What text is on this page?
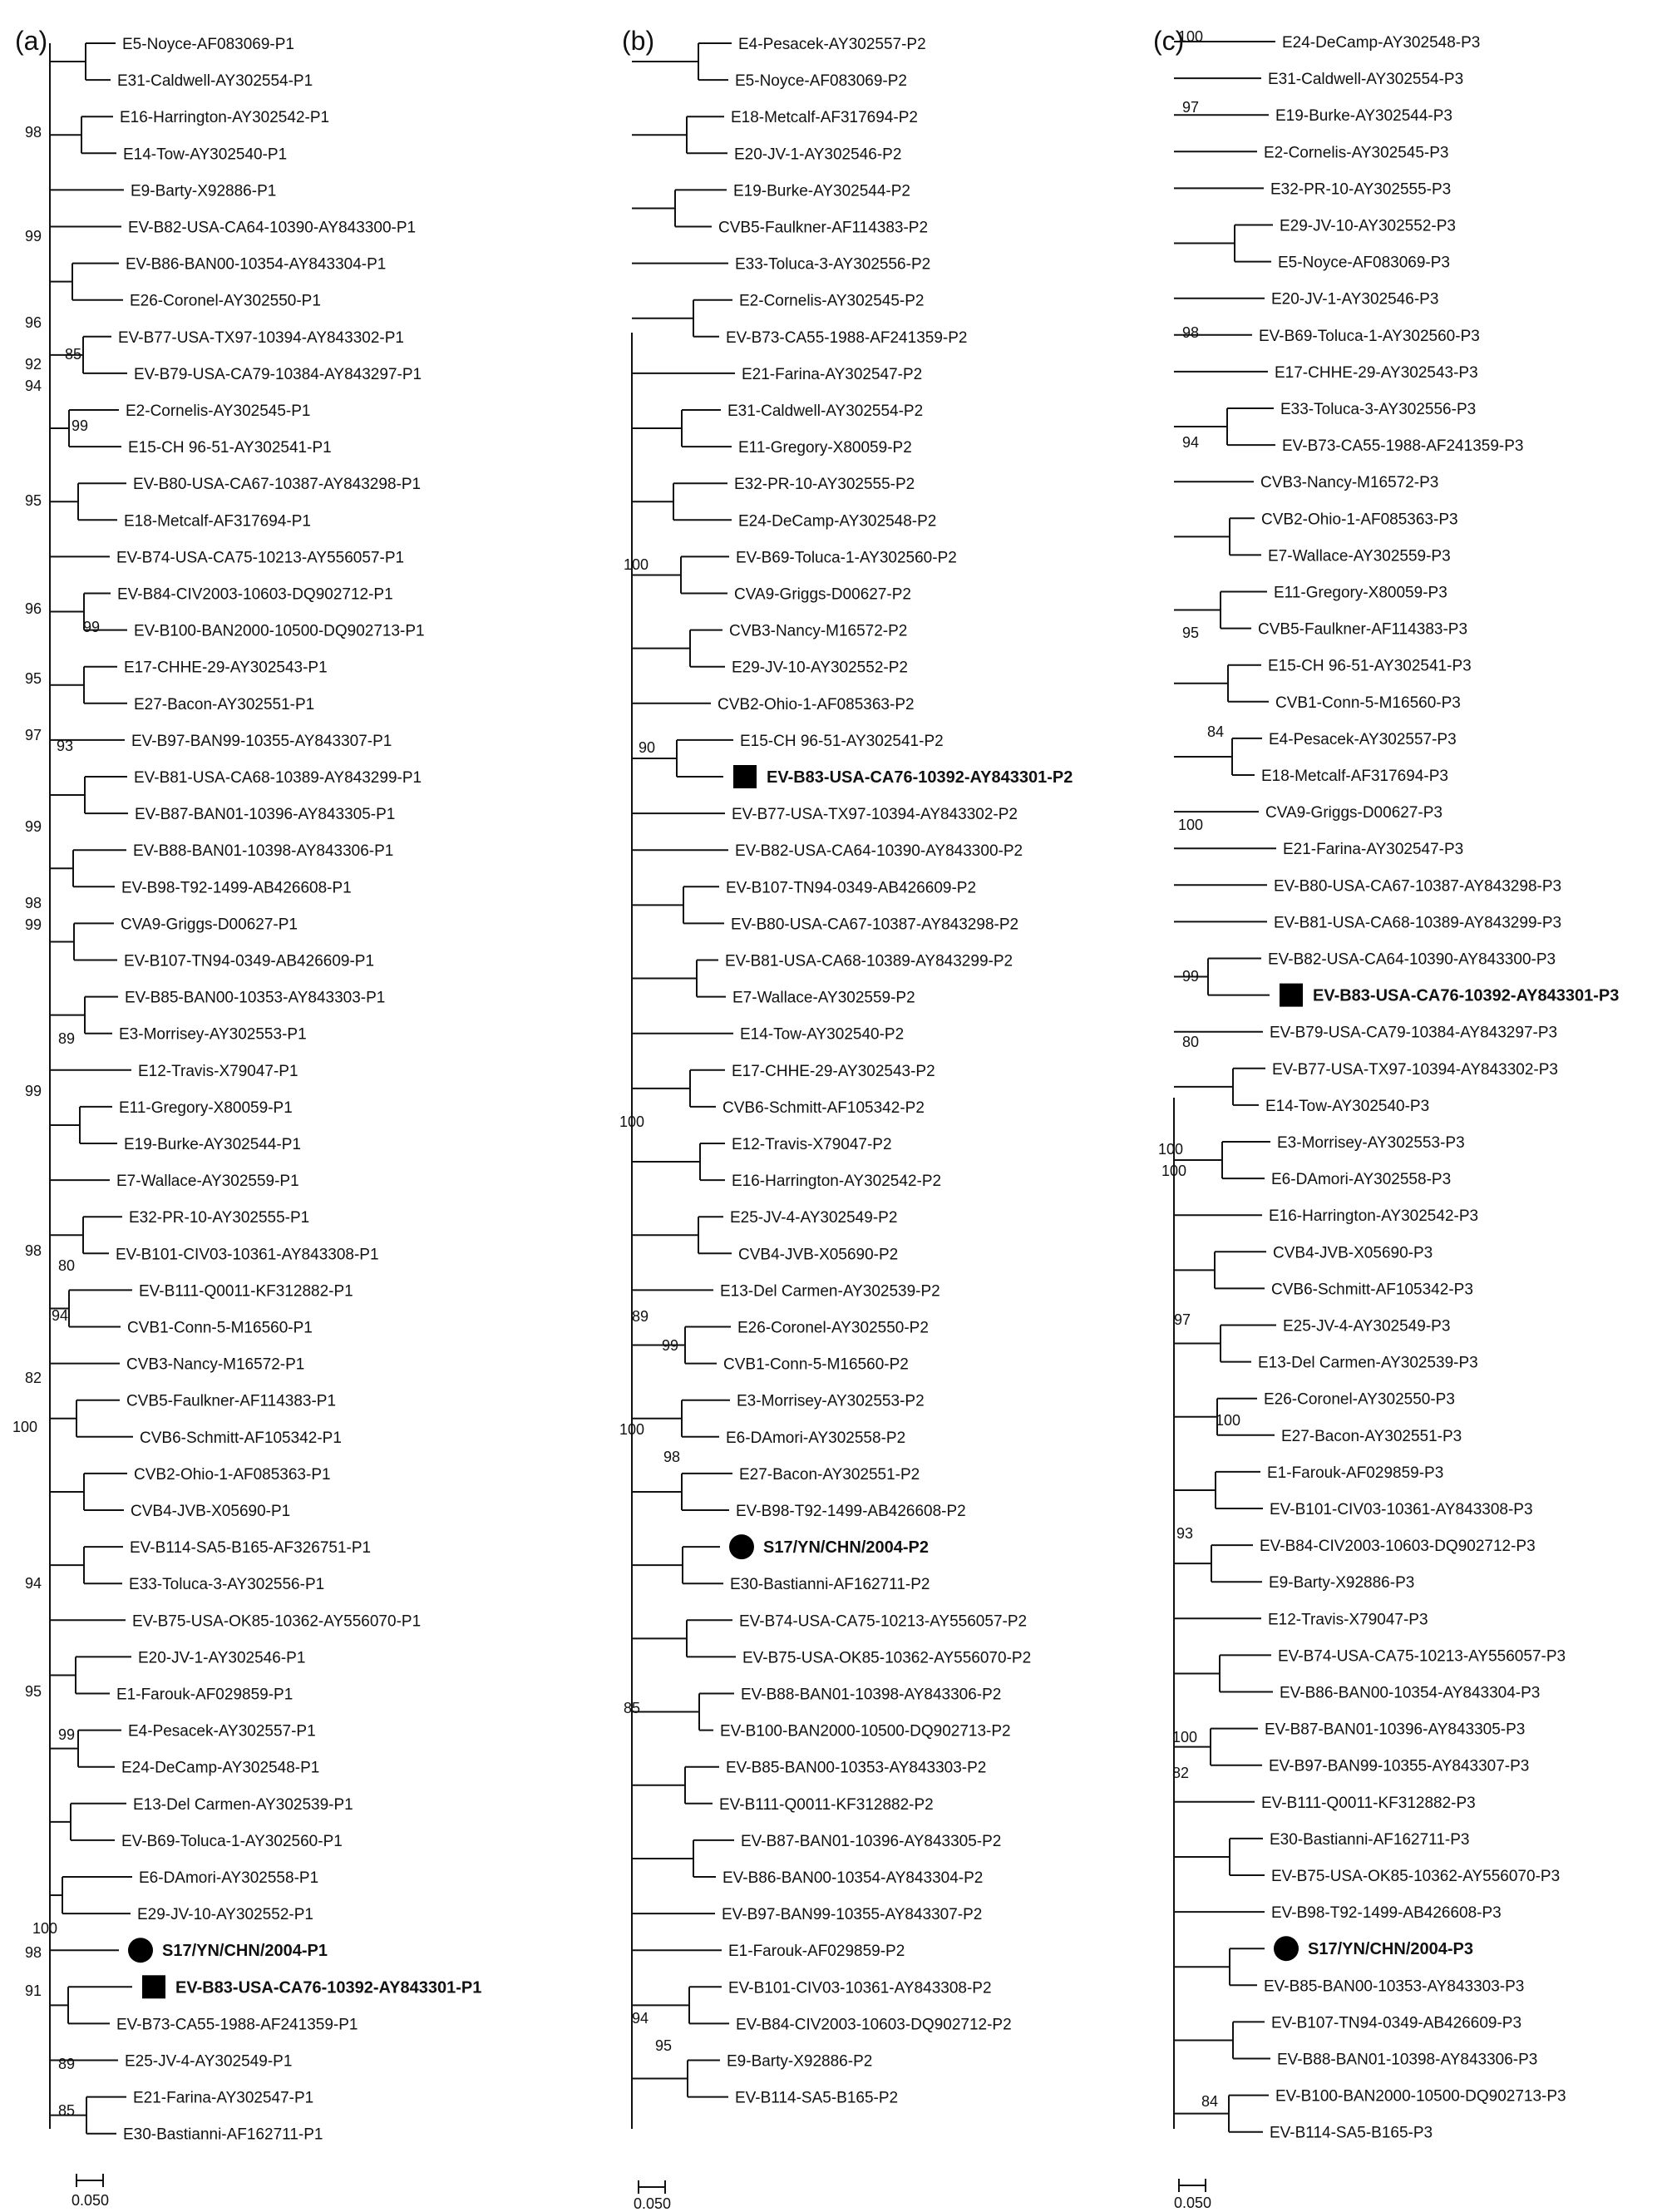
(a)	E5-Noyce-AF083069-P1
E31-Caldwell-AY302554-P1
E16-Harrington-AY302542-P1
E14-Tow-AY302540-P1
E9-Barty-X92886-P1
EV-B82-USA-CA64-10390-AY843300-P1
EV-B86-BAN00-10354-AY843304-P1
E26-Coronel-AY302550-P1
EV-B77-USA-TX97-10394-AY843302-P1
EV-B79-USA-CA79-10384-AY843297-P1
E2-Cornelis-AY302545-P1
E15-CH 96-51-AY302541-P1
EV-B80-USA-CA67-10387-AY843298-P1
E18-Metcalf-AF317694-P1
EV-B74-USA-CA75-10213-AY556057-P1
EV-B84-CIV2003-10603-DQ902712-P1
EV-B100-BAN2000-10500-DQ902713-P1
E17-CHHE-29-AY302543-P1
E27-Bacon-AY302551-P1
EV-B97-BAN99-10355-AY843307-P1
EV-B81-USA-CA68-10389-AY843299-P1
EV-B87-BAN01-10396-AY843305-P1
EV-B88-BAN01-10398-AY843306-P1
EV-B98-T92-1499-AB426608-P1
CVA9-Griggs-D00627-P1
EV-B107-TN94-0349-AB426609-P1
EV-B85-BAN00-10353-AY843303-P1
E3-Morrisey-AY302553-P1
E12-Travis-X79047-P1
E11-Gregory-X80059-P1
E19-Burke-AY302544-P1
E7-Wallace-AY302559-P1
E32-PR-10-AY302555-P1
EV-B101-CIV03-10361-AY843308-P1
EV-B111-Q0011-KF312882-P1
CVB1-Conn-5-M16560-P1
CVB3-Nancy-M16572-P1
CVB5-Faulkner-AF114383-P1
CVB6-Schmitt-AF105342-P1
CVB2-Ohio-1-AF085363-P1
CVB4-JVB-X05690-P1
EV-B114-SA5-B165-AF326751-P1
E33-Toluca-3-AY302556-P1
EV-B75-USA-OK85-10362-AY556070-P1
E20-JV-1-AY302546-P1
E1-Farouk-AF029859-P1
E4-Pesacek-AY302557-P1
E24-DeCamp-AY302548-P1
E13-Del Carmen-AY302539-P1
EV-B69-Toluca-1-AY302560-P1
E6-DAmori-AY302558-P1
E29-JV-10-AY302552-P1
S17/YN/CHN/2004-P1
EV-B83-USA-CA76-10392-AY843301-P1
EV-B73-CA55-1988-AF241359-P1
E25-JV-4-AY302549-P1
E21-Farina-AY302547-P1
E30-Bastianni-AF162711-P1
98
99
96
92
94
85
99
95
96
99
95
97
93
99
98
99
89
99
98
80
94
82
100
94
95
99
100
98
91
89
85
0.050
(b)	E4-Pesacek-AY302557-P2
E5-Noyce-AF083069-P2
E18-Metcalf-AF317694-P2
E20-JV-1-AY302546-P2
E19-Burke-AY302544-P2
CVB5-Faulkner-AF114383-P2
E33-Toluca-3-AY302556-P2
E2-Cornelis-AY302545-P2
EV-B73-CA55-1988-AF241359-P2
E21-Farina-AY302547-P2
E31-Caldwell-AY302554-P2
E11-Gregory-X80059-P2
E32-PR-10-AY302555-P2
E24-DeCamp-AY302548-P2
EV-B69-Toluca-1-AY302560-P2
CVA9-Griggs-D00627-P2
CVB3-Nancy-M16572-P2
E29-JV-10-AY302552-P2
CVB2-Ohio-1-AF085363-P2
E15-CH 96-51-AY302541-P2
EV-B83-USA-CA76-10392-AY843301-P2
EV-B77-USA-TX97-10394-AY843302-P2
EV-B82-USA-CA64-10390-AY843300-P2
EV-B107-TN94-0349-AB426609-P2
EV-B80-USA-CA67-10387-AY843298-P2
EV-B81-USA-CA68-10389-AY843299-P2
E7-Wallace-AY302559-P2
E14-Tow-AY302540-P2
E17-CHHE-29-AY302543-P2
CVB6-Schmitt-AF105342-P2
E12-Travis-X79047-P2
E16-Harrington-AY302542-P2
E25-JV-4-AY302549-P2
CVB4-JVB-X05690-P2
E13-Del Carmen-AY302539-P2
E26-Coronel-AY302550-P2
CVB1-Conn-5-M16560-P2
E3-Morrisey-AY302553-P2
E6-DAmori-AY302558-P2
E27-Bacon-AY302551-P2
EV-B98-T92-1499-AB426608-P2
S17/YN/CHN/2004-P2
E30-Bastianni-AF162711-P2
EV-B74-USA-CA75-10213-AY556057-P2
EV-B75-USA-OK85-10362-AY556070-P2
EV-B88-BAN01-10398-AY843306-P2
EV-B100-BAN2000-10500-DQ902713-P2
EV-B85-BAN00-10353-AY843303-P2
EV-B111-Q0011-KF312882-P2
EV-B87-BAN01-10396-AY843305-P2
EV-B86-BAN00-10354-AY843304-P2
EV-B97-BAN99-10355-AY843307-P2
E1-Farouk-AF029859-P2
EV-B101-CIV03-10361-AY843308-P2
EV-B84-CIV2003-10603-DQ902712-P2
E9-Barty-X92886-P2
EV-B114-SA5-B165-P2
100
90
100
89
99
100
98
85
94
95
0.050
(c)	E24-DeCamp-AY302548-P3
E31-Caldwell-AY302554-P3
E19-Burke-AY302544-P3
E2-Cornelis-AY302545-P3
E32-PR-10-AY302555-P3
E29-JV-10-AY302552-P3
E5-Noyce-AF083069-P3
E20-JV-1-AY302546-P3
EV-B69-Toluca-1-AY302560-P3
E17-CHHE-29-AY302543-P3
E33-Toluca-3-AY302556-P3
EV-B73-CA55-1988-AF241359-P3
CVB3-Nancy-M16572-P3
CVB2-Ohio-1-AF085363-P3
E7-Wallace-AY302559-P3
E11-Gregory-X80059-P3
CVB5-Faulkner-AF114383-P3
E15-CH 96-51-AY302541-P3
CVB1-Conn-5-M16560-P3
E4-Pesacek-AY302557-P3
E18-Metcalf-AF317694-P3
CVA9-Griggs-D00627-P3
E21-Farina-AY302547-P3
EV-B80-USA-CA67-10387-AY843298-P3
EV-B81-USA-CA68-10389-AY843299-P3
EV-B82-USA-CA64-10390-AY843300-P3
EV-B83-USA-CA76-10392-AY843301-P3
EV-B79-USA-CA79-10384-AY843297-P3
EV-B77-USA-TX97-10394-AY843302-P3
E14-Tow-AY302540-P3
E3-Morrisey-AY302553-P3
E6-DAmori-AY302558-P3
E16-Harrington-AY302542-P3
CVB4-JVB-X05690-P3
CVB6-Schmitt-AF105342-P3
E25-JV-4-AY302549-P3
E13-Del Carmen-AY302539-P3
E26-Coronel-AY302550-P3
E27-Bacon-AY302551-P3
E1-Farouk-AF029859-P3
EV-B101-CIV03-10361-AY843308-P3
EV-B84-CIV2003-10603-DQ902712-P3
E9-Barty-X92886-P3
E12-Travis-X79047-P3
EV-B74-USA-CA75-10213-AY556057-P3
EV-B86-BAN00-10354-AY843304-P3
EV-B87-BAN01-10396-AY843305-P3
EV-B97-BAN99-10355-AY843307-P3
EV-B111-Q0011-KF312882-P3
E30-Bastianni-AF162711-P3
EV-B75-USA-OK85-10362-AY556070-P3
EV-B98-T92-1499-AB426608-P3
S17/YN/CHN/2004-P3
EV-B85-BAN00-10353-AY843303-P3
EV-B107-TN94-0349-AB426609-P3
EV-B88-BAN01-10398-AY843306-P3
EV-B100-BAN2000-10500-DQ902713-P3
EV-B114-SA5-B165-P3
100
97
98
94
95
84
100
99
80
100
100
97
100
93
100
82
84
0.050
